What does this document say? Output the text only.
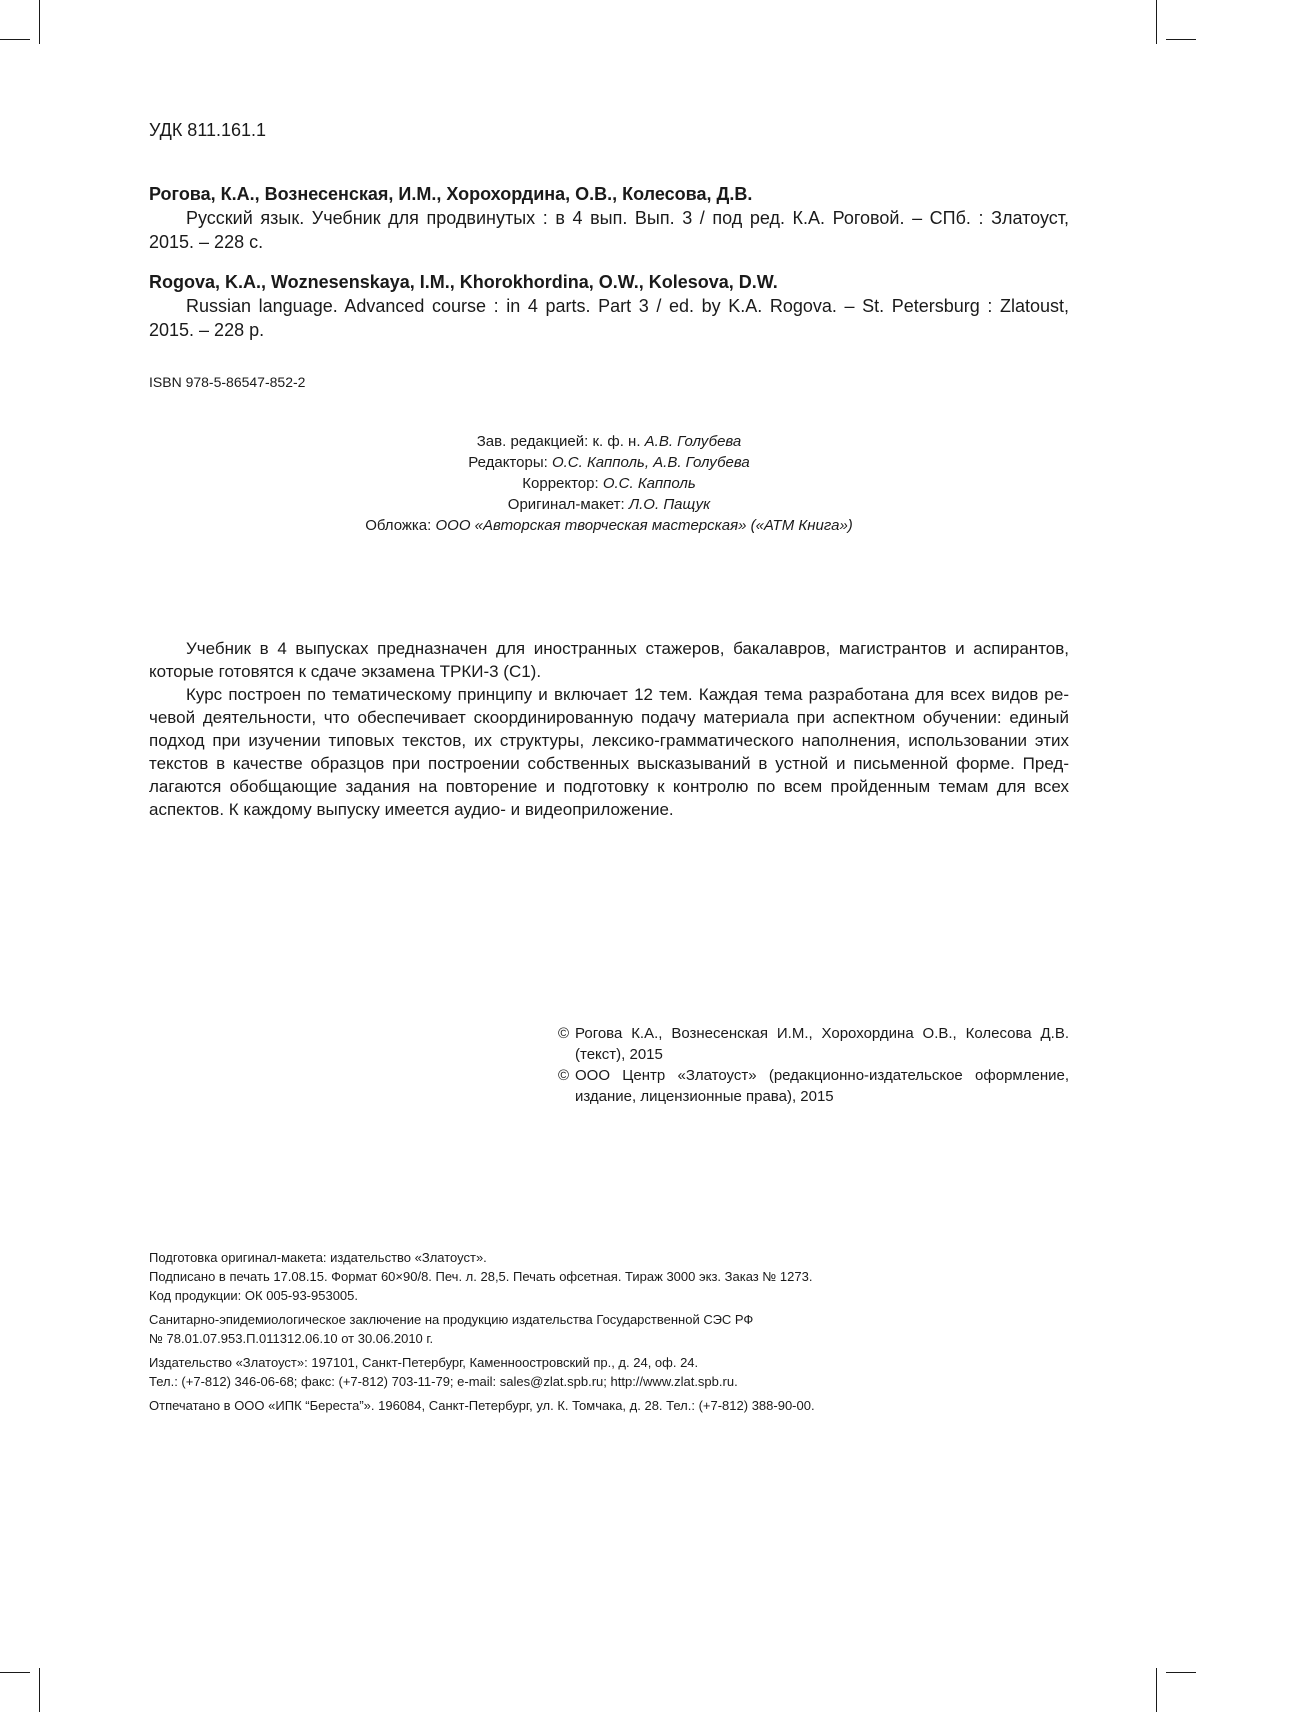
УДК 811.161.1
Рогова, К.А., Вознесенская, И.М., Хорохордина, О.В., Колесова, Д.В.
Русский язык. Учебник для продвинутых : в 4 вып. Вып. 3 / под ред. К.А. Роговой. – СПб. : Златоуст, 2015. – 228 с.
Rogova, K.A., Woznesenskaya, I.M., Khorokhordina, O.W., Kolesova, D.W.
Russian language. Advanced course : in 4 parts. Part 3 / ed. by K.A. Rogova. – St. Petersburg : Zlatoust, 2015. – 228 p.
ISBN 978-5-86547-852-2
Зав. редакцией: к. ф. н. А.В. Голубева
Редакторы: О.С. Капполь, А.В. Голубева
Корректор: О.С. Капполь
Оригинал-макет: Л.О. Пащук
Обложка: ООО «Авторская творческая мастерская» («АТМ Книга»)

Учебник в 4 выпусках предназначен для иностранных стажеров, бакалавров, магистрантов и аспирантов, которые готовятся к сдаче экзамена ТРКИ-3 (С1).

Курс построен по тематическому принципу и включает 12 тем. Каждая тема разработана для всех видов речевой деятельности, что обеспечивает скоординированную подачу материала при аспектном обучении: единый подход при изучении типовых текстов, их структуры, лексико-грамматического наполнения, использовании этих текстов в качестве образцов при построении собственных высказываний в устной и письменной форме. Предлагаются обобщающие задания на повторение и подготовку к контролю по всем пройденным темам для всех аспектов. К каждому выпуску имеется аудио- и видеоприложение.

© Рогова К.А., Вознесенская И.М., Хорохордина О.В., Колесова Д.В. (текст), 2015
© ООО Центр «Златоуст» (редакционно-издательское оформление, издание, лицензионные права), 2015
Подготовка оригинал-макета: издательство «Златоуст».
Подписано в печать 17.08.15. Формат 60×90/8. Печ. л. 28,5. Печать офсетная. Тираж 3000 экз. Заказ № 1273.
Код продукции: ОК 005-93-953005.
Санитарно-эпидемиологическое заключение на продукцию издательства Государственной СЭС РФ
№ 78.01.07.953.П.011312.06.10 от 30.06.2010 г.
Издательство «Златоуст»: 197101, Санкт-Петербург, Каменноостровский пр., д. 24, оф. 24.
Тел.: (+7-812) 346-06-68; факс: (+7-812) 703-11-79; e-mail: sales@zlat.spb.ru; http://www.zlat.spb.ru.
Отпечатано в ООО «ИПК “Береста”». 196084, Санкт-Петербург, ул. К. Томчака, д. 28. Тел.: (+7-812) 388-90-00.
